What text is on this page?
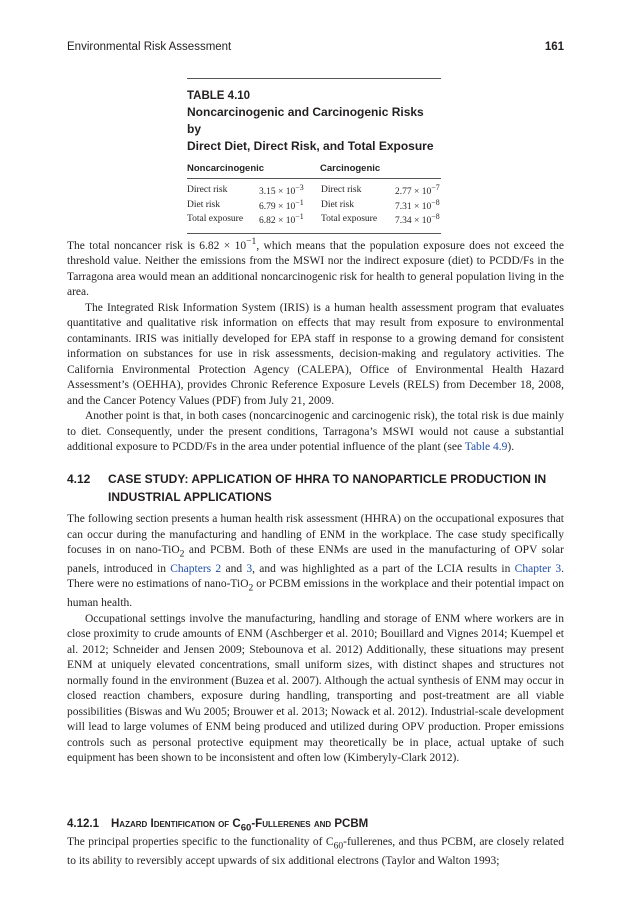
Environmental Risk Assessment	161
TABLE 4.10
Noncarcinogenic and Carcinogenic Risks by
Direct Diet, Direct Risk, and Total Exposure
Noncarcinogenic	Carcinogenic
Direct risk	$3.15 \times 10^{-3}$	Direct risk	$2.77 \times 10^{-7}$
Diet risk	$6.79 \times 10^{-1}$	Diet risk	$7.31 \times 10^{-8}$
Total exposure	$6.82 \times 10^{-1}$	Total exposure	$7.34 \times 10^{-8}$

The total noncancer risk is $6.82 \times 10^{-1}$, which means that the population exposure does not exceed the threshold value. Neither the emissions from the MSWI nor the indirect exposure (diet) to PCDD/Fs in the Tarragona area would mean an additional noncarcinogenic risk for health to general population living in the area.

The Integrated Risk Information System (IRIS) is a human health assessment program that evaluates quantitative and qualitative risk information on effects that may result from exposure to environmental contaminants. IRIS was initially developed for EPA staff in response to a growing demand for consistent information on substances for use in risk assessments, decision-making and regulatory activities. The California Environmental Protection Agency (CALEPA), Office of Environmental Health Hazard Assessment’s (OEHHA), provides Chronic Reference Exposure Levels (RELS) from December 18, 2008, and the Cancer Potency Values (PDF) from July 21, 2009.

Another point is that, in both cases (noncarcinogenic and carcinogenic risk), the total risk is due mainly to diet. Consequently, under the present conditions, Tarragona’s MSWI would not cause a substantial additional exposure to PCDD/Fs in the area under potential influence of the plant (see Table 4.9).

4.12 CASE STUDY: APPLICATION OF HHRA TO NANOPARTICLE PRODUCTION IN INDUSTRIAL APPLICATIONS

The following section presents a human health risk assessment (HHRA) on the occupational exposures that can occur during the manufacturing and handling of ENM in the workplace. The case study specifically focuses in on nano-TiO$_2$ and PCBM. Both of these ENMs are used in the manufacturing of OPV solar panels, introduced in Chapters 2 and 3, and was highlighted as a part of the LCIA results in Chapter 3. There were no estimations of nano-TiO$_2$ or PCBM emissions in the workplace and their potential impact on human health.

Occupational settings involve the manufacturing, handling and storage of ENM where workers are in close proximity to crude amounts of ENM (Aschberger et al. 2010; Bouillard and Vignes 2014; Kuempel et al. 2012; Schneider and Jensen 2009; Stebounova et al. 2012) Additionally, these situations may present ENM at uniquely elevated concentrations, small uniform sizes, with distinct shapes and structures not normally found in the environment (Buzea et al. 2007). Although the actual synthesis of ENM may occur in closed reaction chambers, exposure during handling, transporting and post-treatment are all viable possibilities (Biswas and Wu 2005; Brouwer et al. 2013; Nowack et al. 2012). Industrial-scale development will lead to large volumes of ENM being produced and utilized during OPV production. Proper emissions controls such as personal protective equipment may theoretically be in place, actual uptake of such equipment has been shown to be inconsistent and often low (Kimberyly-Clark 2012).

4.12.1 Hazard Identification of $C_{60}$-Fullerenes and PCBM

The principal properties specific to the functionality of $C_{60}$-fullerenes, and thus PCBM, are closely related to its ability to reversibly accept upwards of six additional electrons (Taylor and Walton 1993;
